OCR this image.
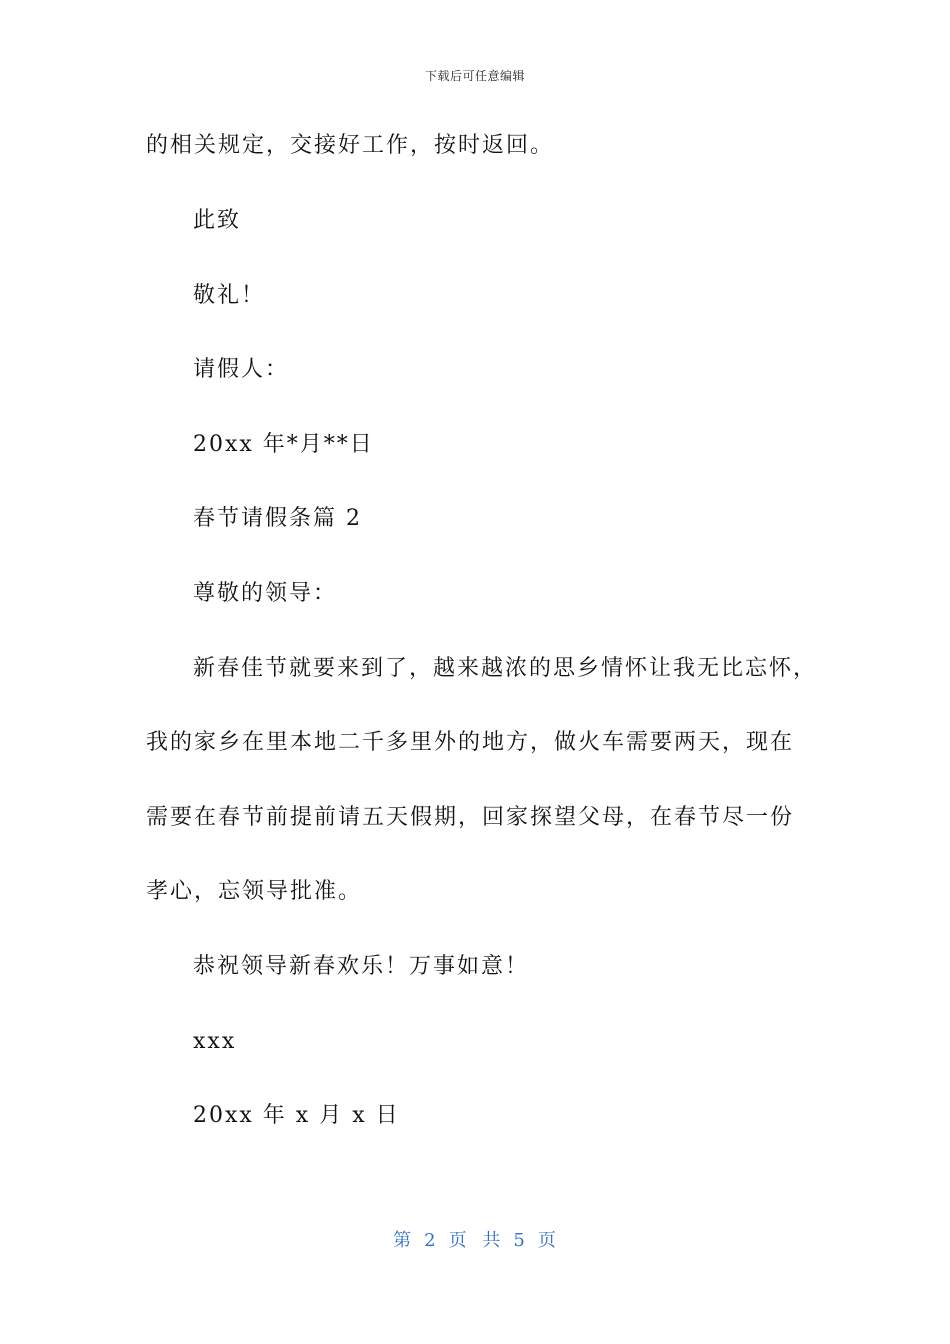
下载后可任意编辑
的相关规定，交接好工作，按时返回。
此致
敬礼！
请假人：
20xx 年*月**日
春节请假条篇 2
尊敬的领导：
新春佳节就要来到了，越来越浓的思乡情怀让我无比忘怀，
我的家乡在里本地二千多里外的地方，做火车需要两天，现在
需要在春节前提前请五天假期，回家探望父母，在春节尽一份
孝心，忘领导批准。
恭祝领导新春欢乐！万事如意！
xxx
20xx 年 x 月 x 日
第 2 页 共 5 页
